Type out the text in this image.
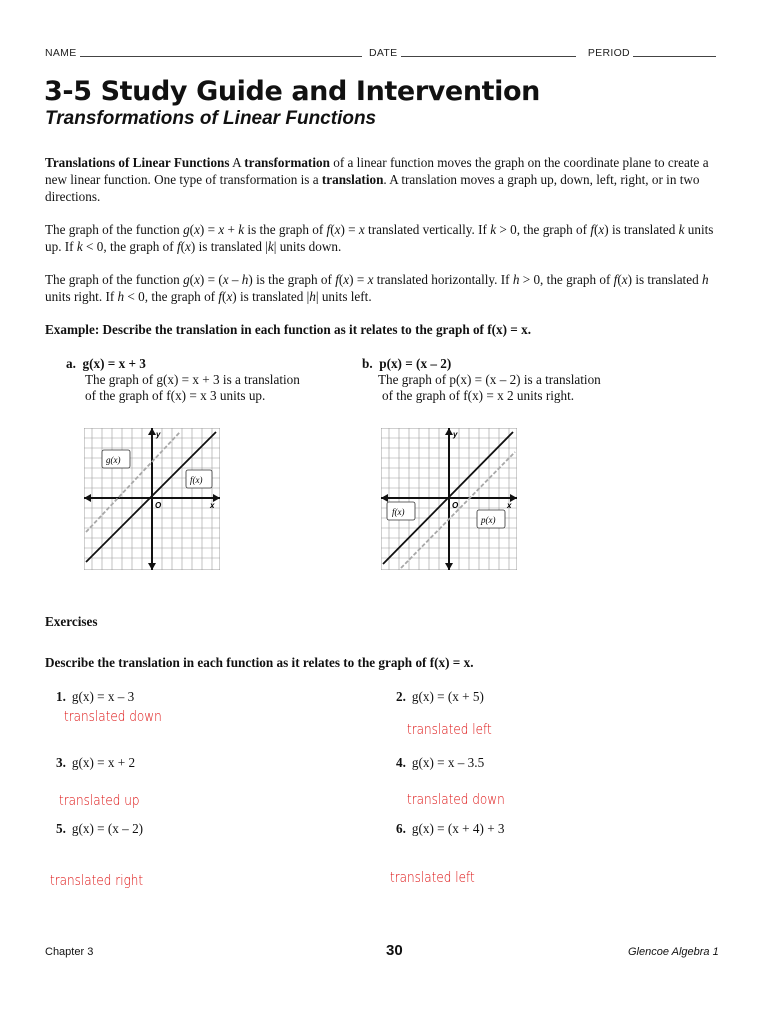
NAME	DATE	PERIOD
3-5 Study Guide and Intervention
Transformations of Linear Functions
Translations of Linear Functions A transformation of a linear function moves the graph on the coordinate plane to create a new linear function. One type of transformation is a translation. A translation moves a graph up, down, left, right, or in two directions.
The graph of the function g(x) = x + k is the graph of f(x) = x translated vertically. If k > 0, the graph of f(x) is translated k units up. If k < 0, the graph of f(x) is translated |k| units down.
The graph of the function g(x) = (x – h) is the graph of f(x) = x translated horizontally. If h > 0, the graph of f(x) is translated h units right. If h < 0, the graph of f(x) is translated |h| units left.
Example: Describe the translation in each function as it relates to the graph of f(x) = x.
a. g(x) = x + 3
The graph of g(x) = x + 3 is a translation
of the graph of f(x) = x 3 units up.
b. p(x) = (x – 2)
The graph of p(x) = (x – 2) is a translation
of the graph of f(x) = x 2 units right.
g(x)
f(x)
x
y
O
f(x)
p(x)
x
y
O
Exercises
Describe the translation in each function as it relates to the graph of f(x) = x.
1. g(x) = x – 3
translated down
2. g(x) = (x + 5)
translated left
3. g(x) = x + 2
translated up
4. g(x) = x – 3.5
translated down
5. g(x) = (x – 2)
translated right
6. g(x) = (x + 4) + 3
translated left
Chapter 3	30	Glencoe Algebra 1
